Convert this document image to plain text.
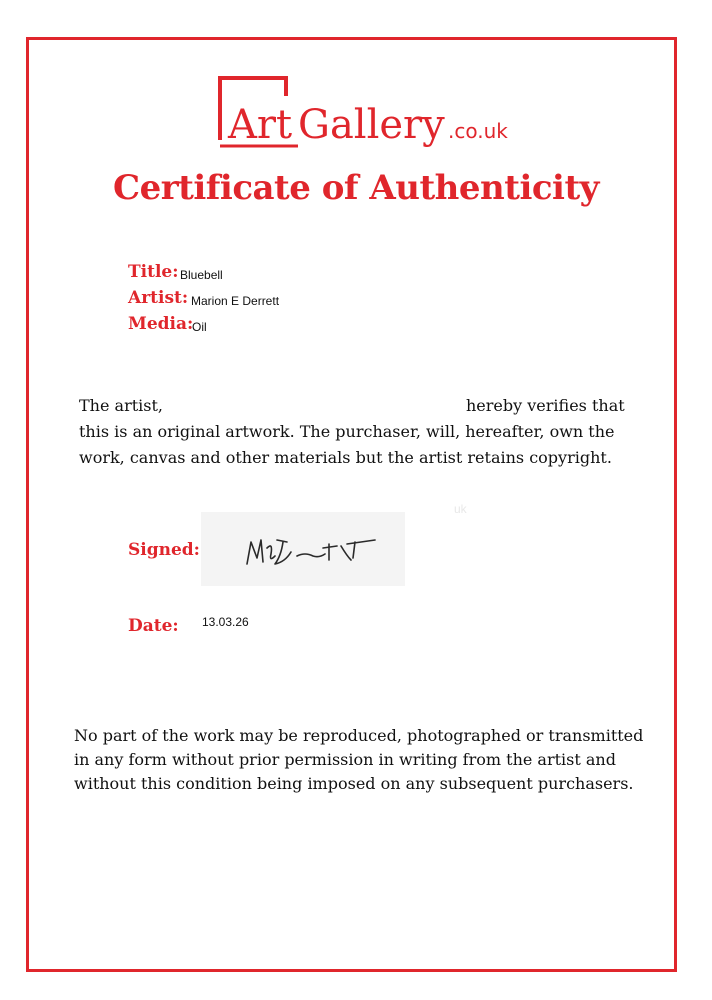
Art Gallery .co.uk
Certificate of Authenticity
Title: Bluebell
Artist: Marion E Derrett
Media:
Oil
The artist,	hereby verifies that
this is an original artwork. The purchaser, will, hereafter, own the
work, canvas and other materials but the artist retains copyright.
uk
Signed:
Date: 13.03.26
No part of the work may be reproduced, photographed or transmitted
in any form without prior permission in writing from the artist and
without this condition being imposed on any subsequent purchasers.
